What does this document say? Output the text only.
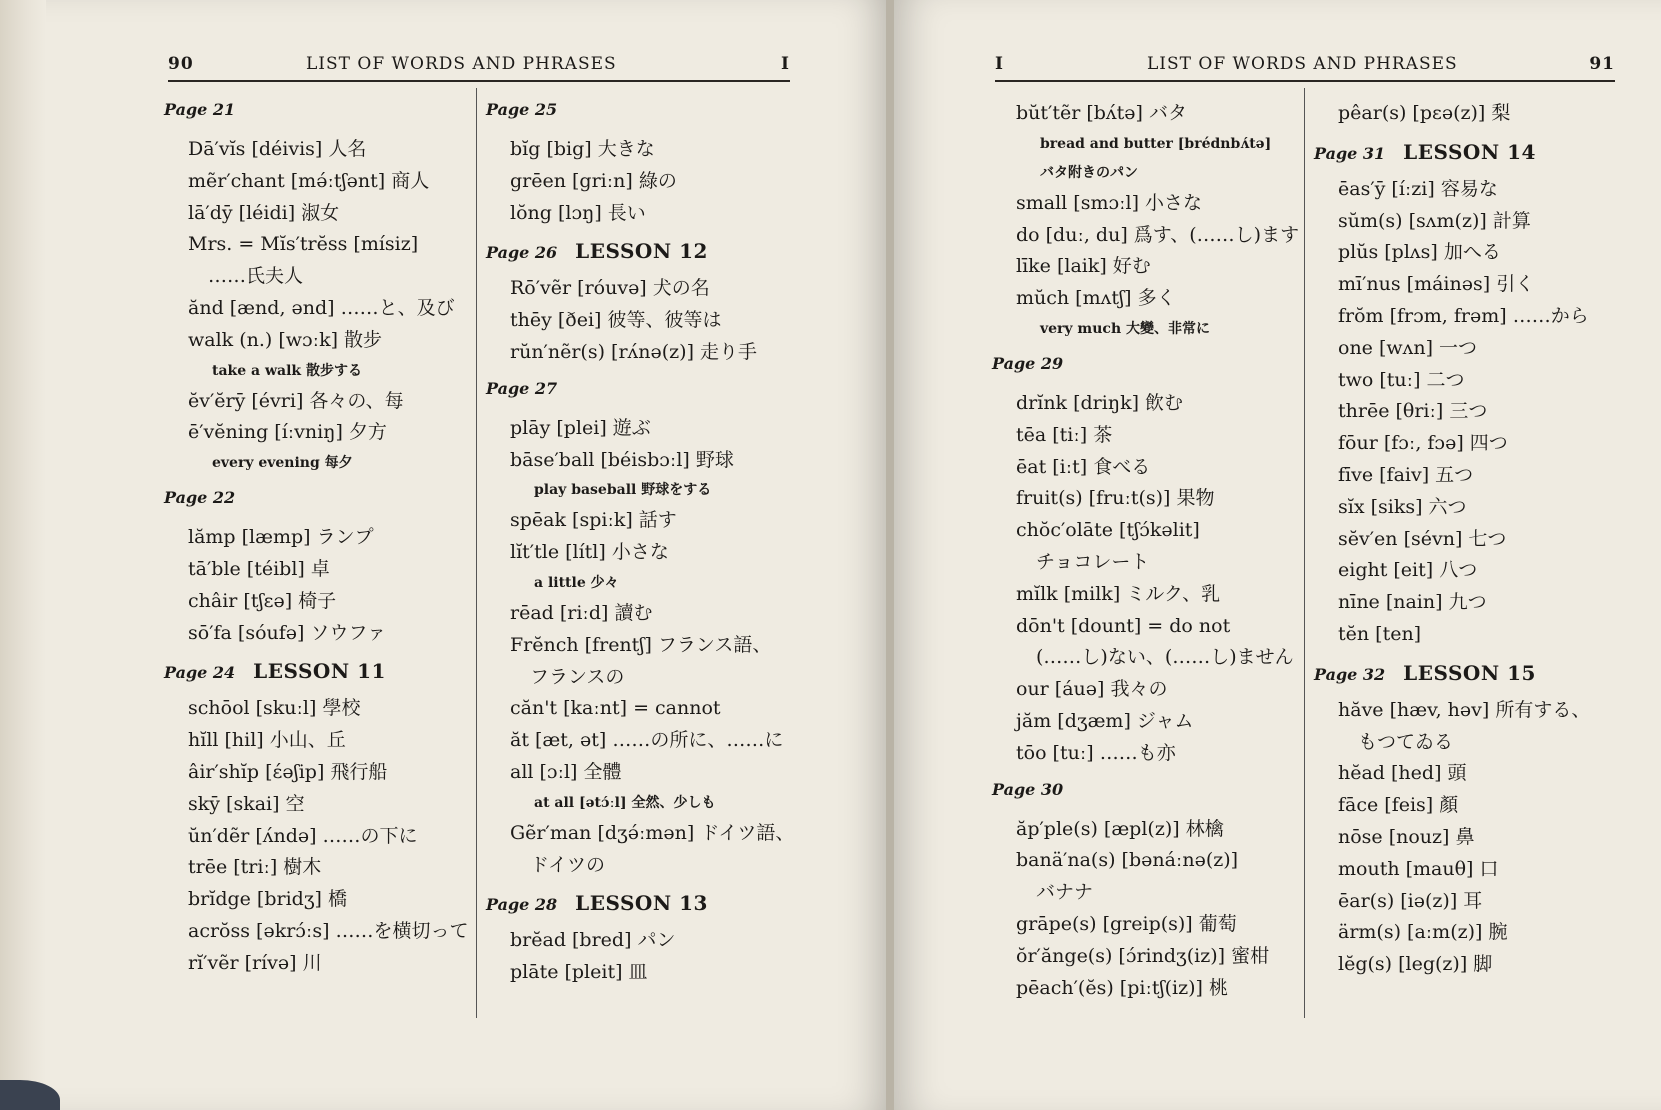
90	LIST OF WORDS AND PHRASES	I	I	LIST OF WORDS AND PHRASES	91
Page 21
Dā′vĭs [déivis] 人名
mẽr′chant [mə́ːtʃənt] 商人
lā′dȳ [léidi] 淑女
Mrs. = Mĭs′trĕss [mísiz]
……氏夫人
ănd [ænd, ənd] ……と、及び
walk (n.) [wɔːk] 散步
take a walk 散步する
ĕv′ĕrȳ [évri] 各々の、每
ē′vĕning [íːvniŋ] 夕方
every evening 每夕
Page 22
lămp [læmp] ランプ
tā′ble [téibl] 卓
châir [tʃɛə] 椅子
sō′fa [sóufə] ソウファ
Page 24 LESSON 11
schōol [skuːl] 學校
hĭll [hil] 小山、丘
âir′shĭp [ɛ́əʃip] 飛行船
skȳ [skai] 空
ŭn′dẽr [ʌ́ndə] ……の下に
trēe [triː] 樹木
brĭdge [bridʒ] 橋
acrŏss [əkrɔ́ːs] ……を横切って
rĭ′vẽr [rívə] 川
Page 25
bĭg [big] 大きな
grēen [griːn] 綠の
lŏng [lɔŋ] 長い
Page 26 LESSON 12
Rō′vẽr [róuvə] 犬の名
thēy [ðei] 彼等、彼等は
rŭn′nẽr(s) [rʌ́nə(z)] 走り手
Page 27
plāy [plei] 遊ぶ
bāse′ball [béisbɔːl] 野球
play baseball 野球をする
spēak [spiːk] 話す
lĭt′tle [lítl] 小さな
a little 少々
rēad [riːd] 讀む
Frĕnch [frentʃ] フランス語、
フランスの
căn't [kaːnt] = cannot
ăt [æt, ət] ……の所に、……に
all [ɔːl] 全體
at all [ətɔ́ːl] 全然、少しも
Gẽr′man [dʒə́ːmən] ドイツ語、
ドイツの
Page 28 LESSON 13
brĕad [bred] パン
plāte [pleit] 皿
bŭt′tẽr [bʌ́tə] バタ
bread and butter [brédnbʌ́tə]
バタ附きのパン
small [smɔːl] 小さな
do [duː, du] 爲す、(……し)ます
līke [laik] 好む
mŭch [mʌtʃ] 多く
very much 大變、非常に
Page 29
drĭnk [driŋk] 飲む
tēa [tiː] 茶
ēat [iːt] 食べる
fruit(s) [fruːt(s)] 果物
chŏc′olāte [tʃɔ́kəlit]
チョコレート
mĭlk [milk] ミルク、乳
dōn't [dount] = do not
(……し)ない、(……し)ません
our [áuə] 我々の
jăm [dʒæm] ジャム
tōo [tuː] ……も亦
Page 30
ăp′ple(s) [æpl(z)] 林檎
banä′na(s) [bənáːnə(z)]
バナナ
grāpe(s) [greip(s)] 葡萄
ŏr′ănge(s) [ɔ́rindʒ(iz)] 蜜柑
pēach′(ĕs) [piːtʃ(iz)] 桃
pêar(s) [pɛə(z)] 梨
Page 31 LESSON 14
ēas′ȳ [íːzi] 容易な
sŭm(s) [sʌm(z)] 計算
plŭs [plʌs] 加へる
mī′nus [máinəs] 引く
frŏm [frɔm, frəm] ……から
one [wʌn] 一つ
two [tuː] 二つ
thrēe [θriː] 三つ
fōur [fɔː, fɔə] 四つ
fīve [faiv] 五つ
sĭx [siks] 六つ
sĕv′en [sévn] 七つ
eight [eit] 八つ
nīne [nain] 九つ
tĕn [ten]
Page 32 LESSON 15
hăve [hæv, həv] 所有する、
もつてゐる
hĕad [hed] 頭
fāce [feis] 顏
nōse [nouz] 鼻
mouth [mauθ] 口
ēar(s) [iə(z)] 耳
ärm(s) [aːm(z)] 腕
lĕg(s) [leg(z)] 脚
